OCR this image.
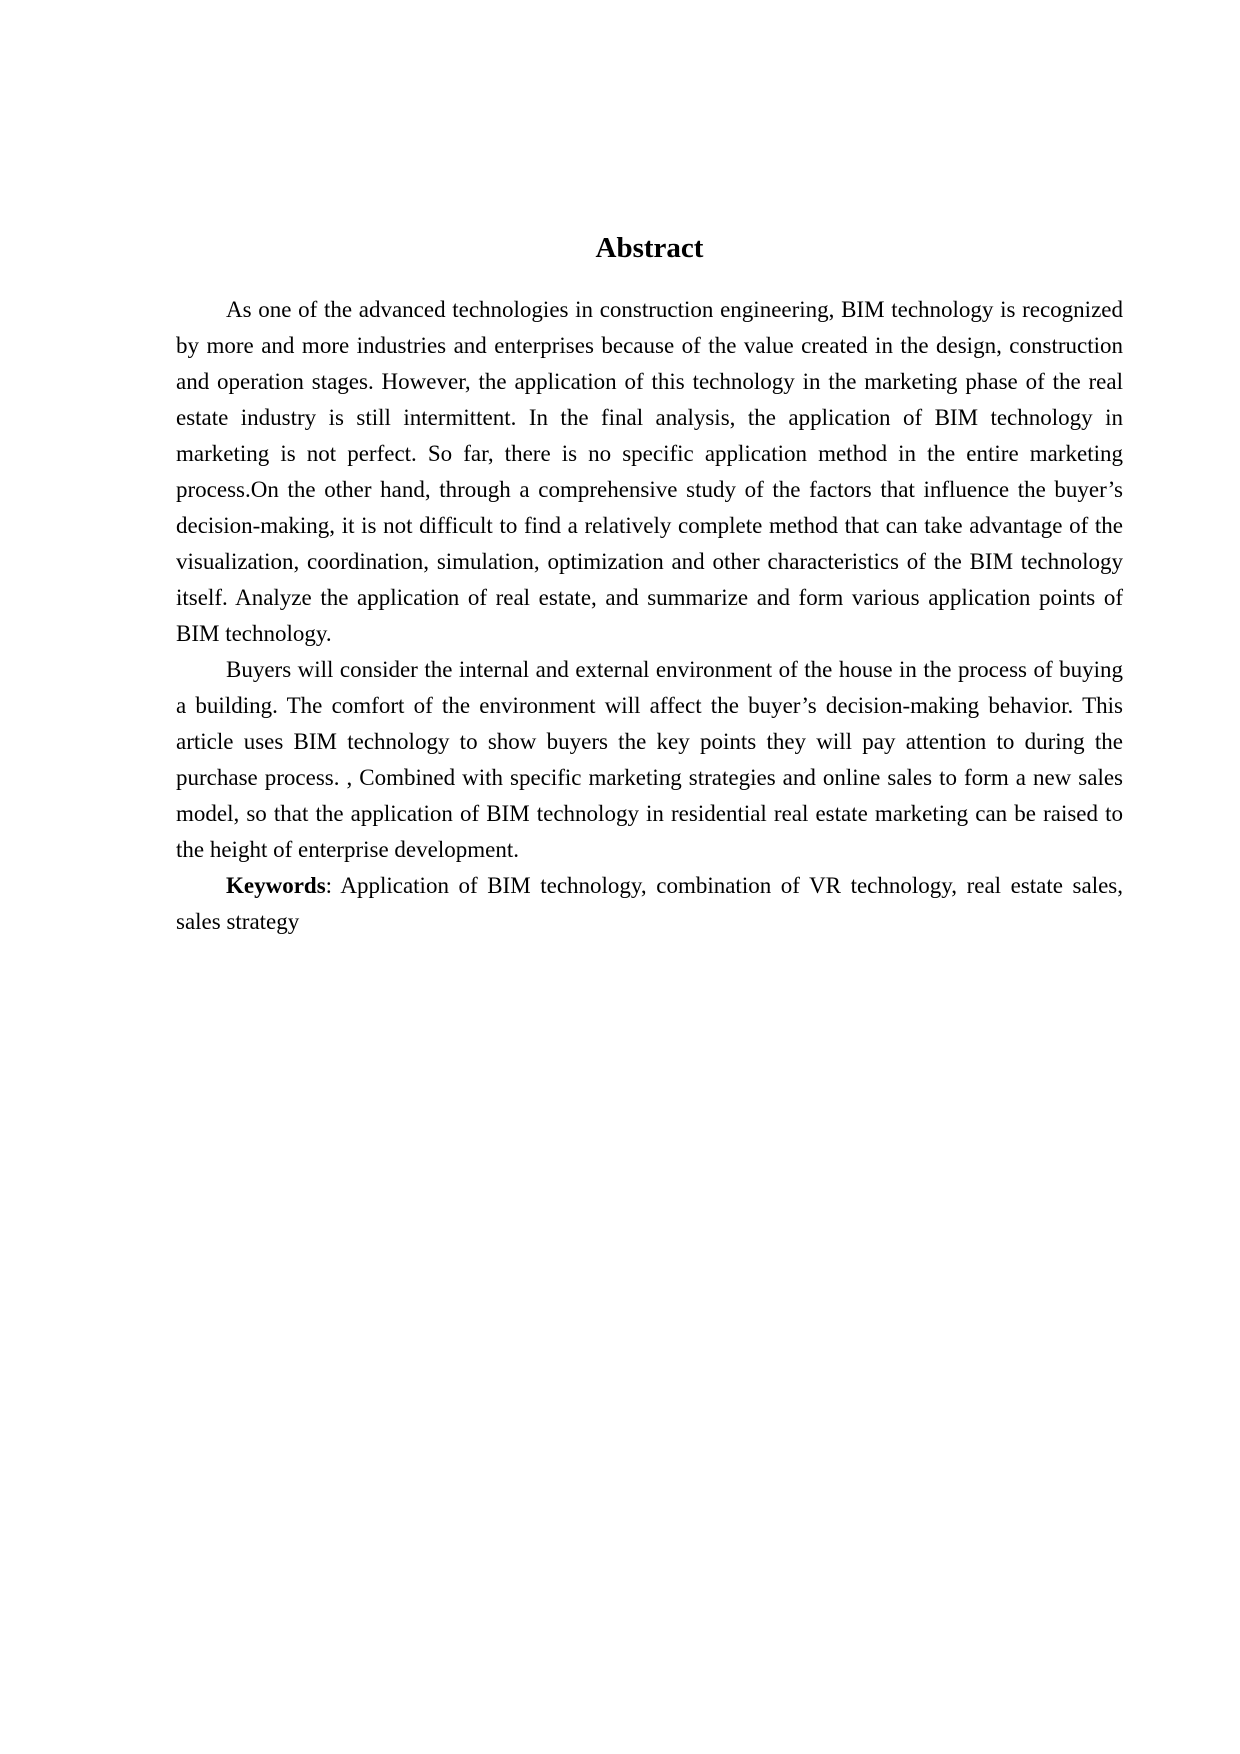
Abstract

As one of the advanced technologies in construction engineering, BIM technology is recognized by more and more industries and enterprises because of the value created in the design, construction and operation stages. However, the application of this technology in the marketing phase of the real estate industry is still intermittent. In the final analysis, the application of BIM technology in marketing is not perfect. So far, there is no specific application method in the entire marketing process.On the other hand, through a comprehensive study of the factors that influence the buyer’s decision-making, it is not difficult to find a relatively complete method that can take advantage of the visualization, coordination, simulation, optimization and other characteristics of the BIM technology itself. Analyze the application of real estate, and summarize and form various application points of BIM technology.

Buyers will consider the internal and external environment of the house in the process of buying a building. The comfort of the environment will affect the buyer’s decision-making behavior. This article uses BIM technology to show buyers the key points they will pay attention to during the purchase process. , Combined with specific marketing strategies and online sales to form a new sales model, so that the application of BIM technology in residential real estate marketing can be raised to the height of enterprise development.

Keywords: Application of BIM technology, combination of VR technology, real estate sales, sales strategy
